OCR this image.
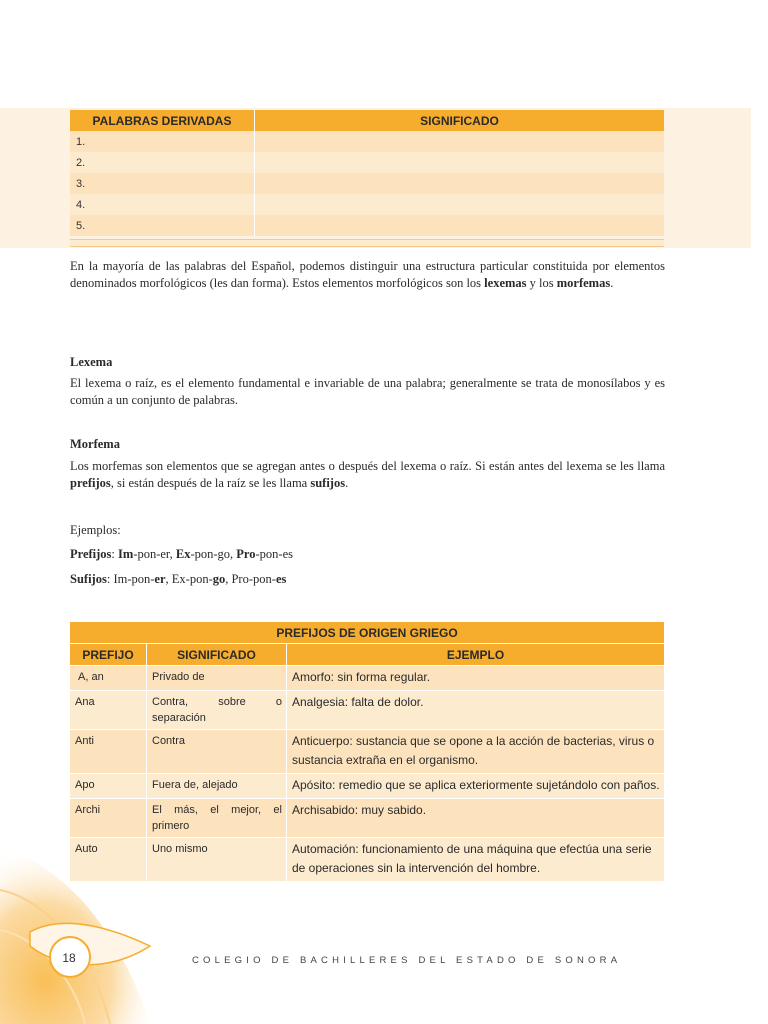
PALABRAS DERIVADAS	SIGNIFICADO
1.	
2.	
3.	
4.	
5.	

En la mayoría de las palabras del Español, podemos distinguir una estructura particular constituida por elementos denominados morfológicos (les dan forma). Estos elementos morfológicos son los lexemas y los morfemas.

Lexema

El lexema o raíz, es el elemento fundamental e invariable de una palabra; generalmente se trata de monosílabos y es común a un conjunto de palabras.

Morfema

Los morfemas son elementos que se agregan antes o después del lexema o raíz. Si están antes del lexema se les llama prefijos, si están después de la raíz se les llama sufijos.

Ejemplos:
Prefijos: Im-pon-er, Ex-pon-go, Pro-pon-es
Sufijos: Im-pon-er, Ex-pon-go, Pro-pon-es
PREFIJOS DE ORIGEN GRIEGO		
PREFIJO	SIGNIFICADO	EJEMPLO
A, an	Privado de	Amorfo: sin forma regular.
Ana	Contra, sobre o separación	Analgesia: falta de dolor.
Anti	Contra	Anticuerpo: sustancia que se opone a la acción de bacterias, virus o sustancia extraña en el organismo.
Apo	Fuera de, alejado	Apósito: remedio que se aplica exteriormente sujetándolo con paños.
Archi	El más, el mejor, el primero	Archisabido: muy sabido.
Auto	Uno mismo	Automación: funcionamiento de una máquina que efectúa una serie de operaciones sin la intervención del hombre.
18	COLEGIO DE BACHILLERES DEL ESTADO DE SONORA
